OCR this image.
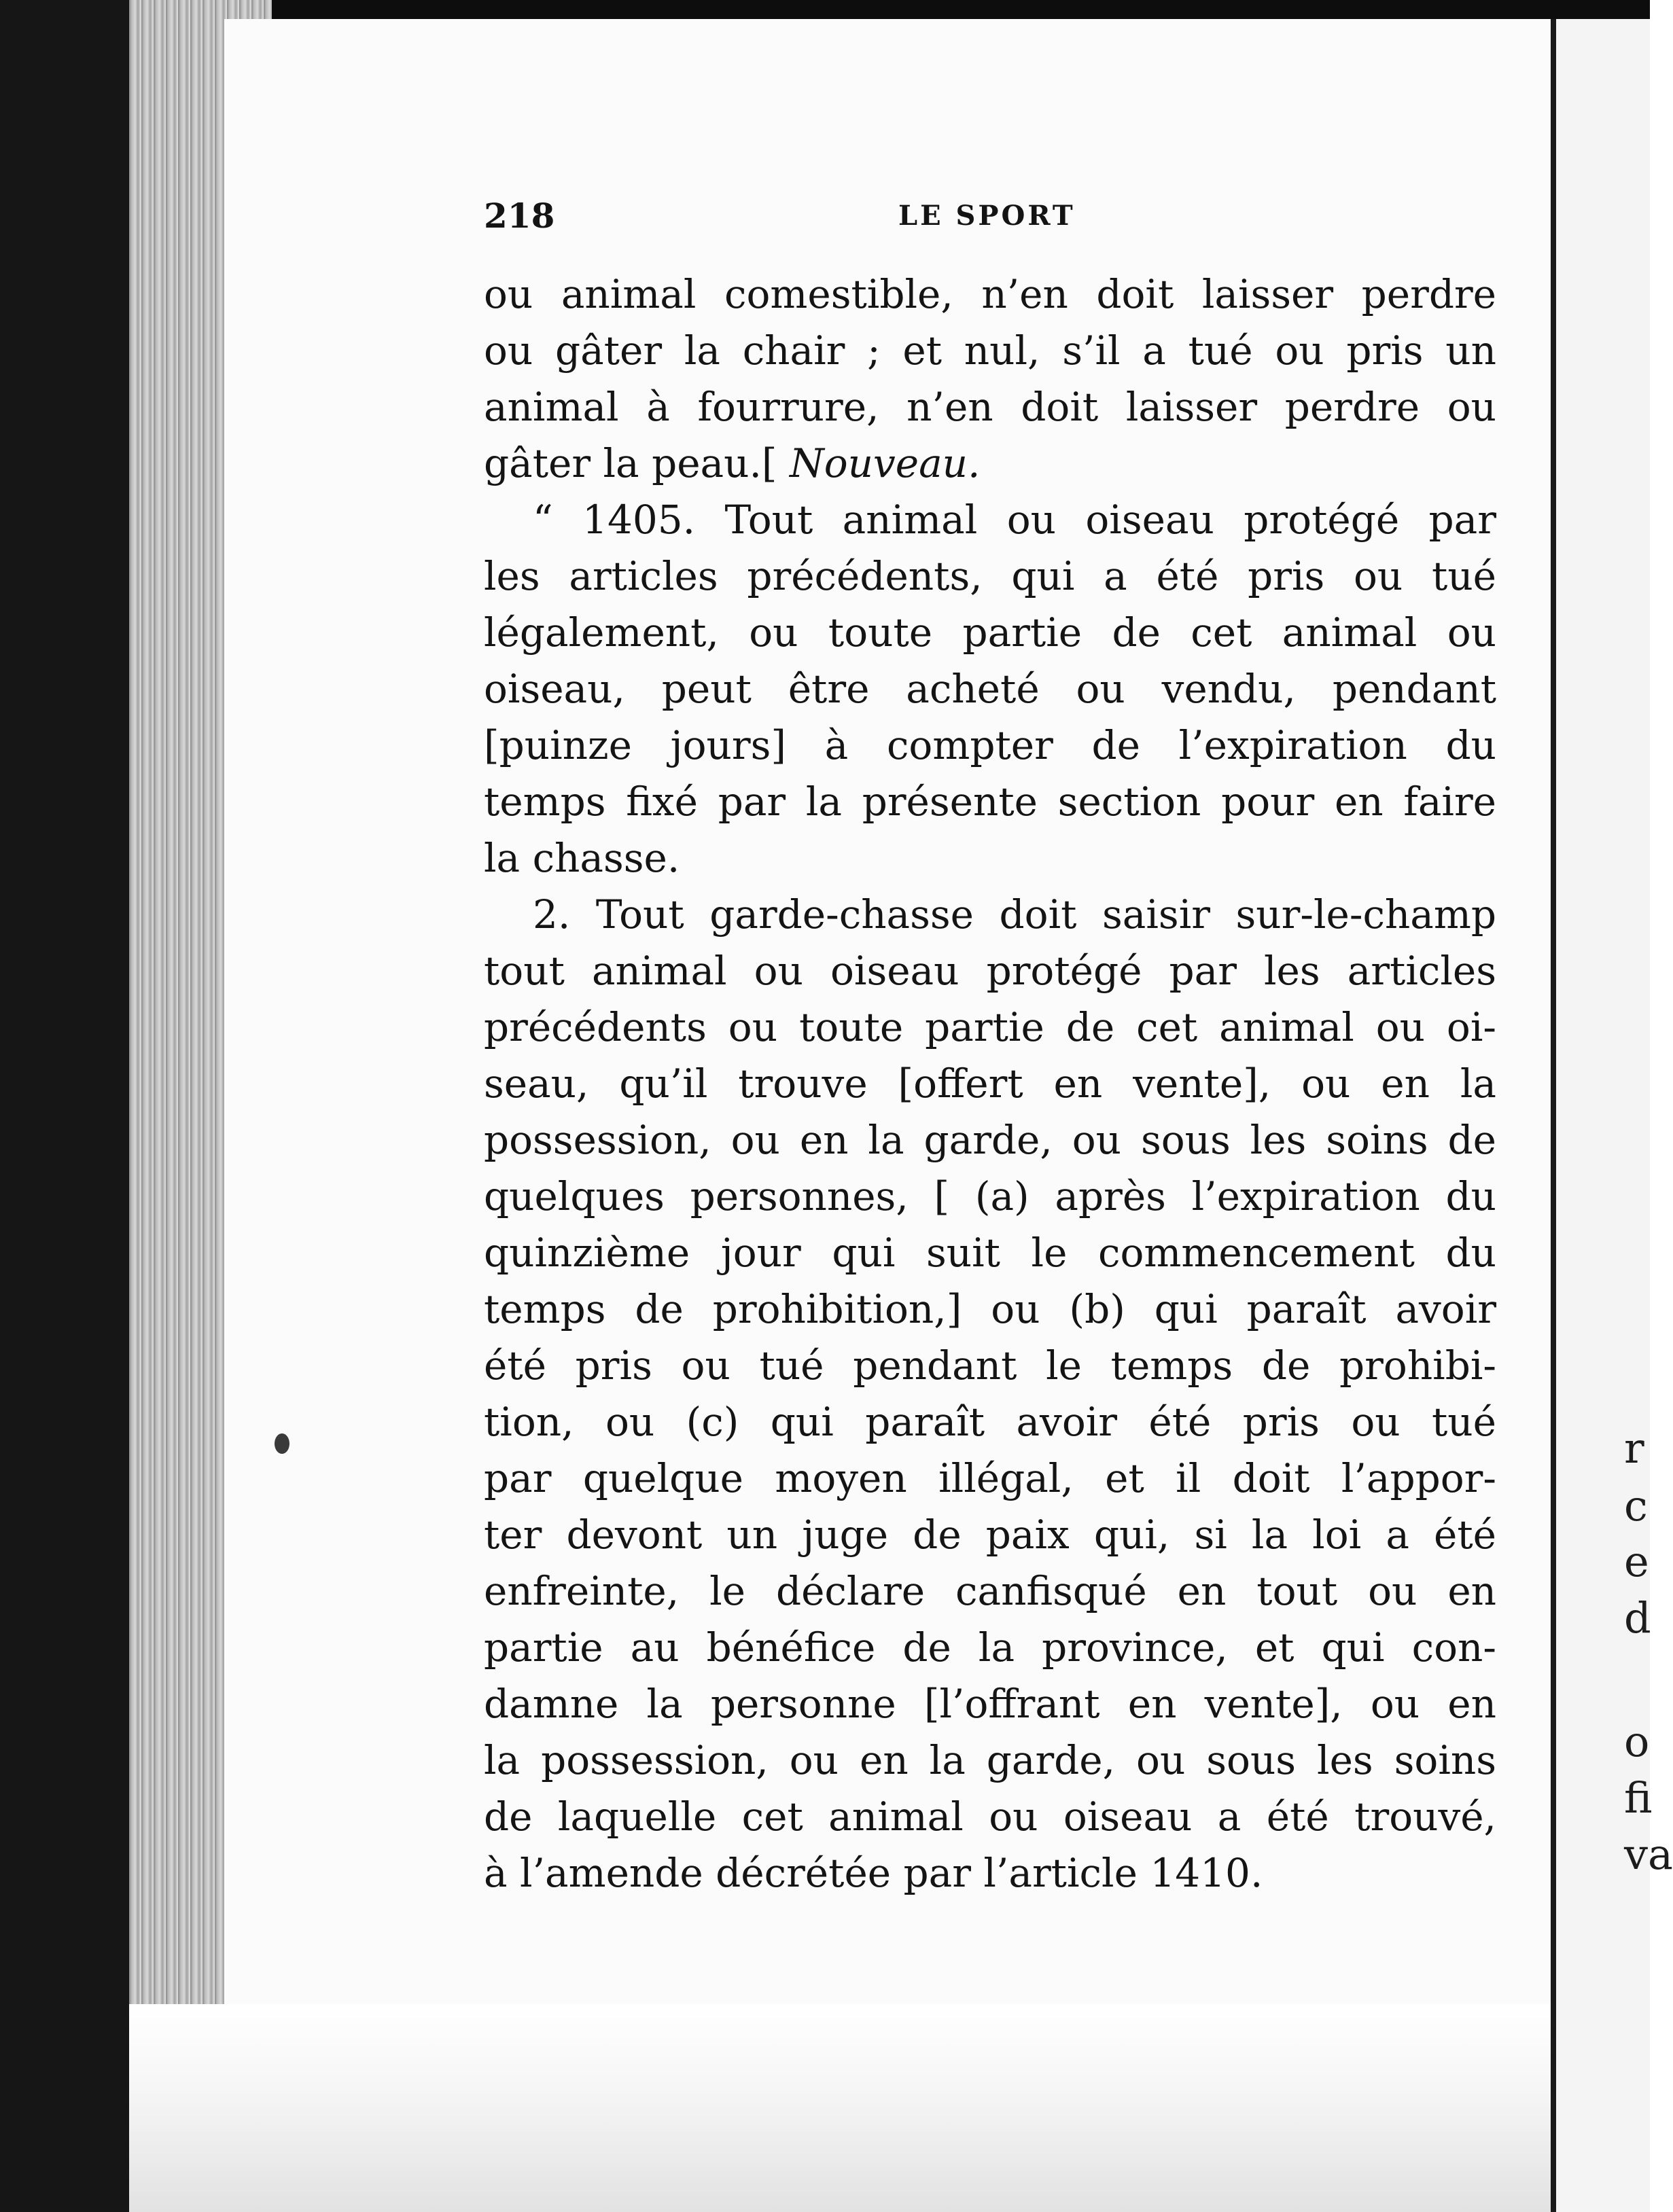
r
c
e
d
o
fi
va
218	LE SPORT
ou animal comestible, n’en doit laisser perdre
ou gâter la chair ; et nul, s’il a tué ou pris un
animal à fourrure, n’en doit laisser perdre ou
gâter la peau.[ Nouveau.
“ 1405. Tout animal ou oiseau protégé par
les articles précédents, qui a été pris ou tué
légalement, ou toute partie de cet animal ou
oiseau, peut être acheté ou vendu, pendant
[puinze jours] à compter de l’expiration du
temps fixé par la présente section pour en faire
la chasse.
2. Tout garde-chasse doit saisir sur-le-champ
tout animal ou oiseau protégé par les articles
précédents ou toute partie de cet animal ou oi-
seau, qu’il trouve [offert en vente], ou en la
possession, ou en la garde, ou sous les soins de
quelques personnes, [ (a) après l’expiration du
quinzième jour qui suit le commencement du
temps de prohibition,] ou (b) qui paraît avoir
été pris ou tué pendant le temps de prohibi-
tion, ou (c) qui paraît avoir été pris ou tué
par quelque moyen illégal, et il doit l’appor-
ter devont un juge de paix qui, si la loi a été
enfreinte, le déclare canfisqué en tout ou en
partie au bénéfice de la province, et qui con-
damne la personne [l’offrant en vente], ou en
la possession, ou en la garde, ou sous les soins
de laquelle cet animal ou oiseau a été trouvé,
à l’amende décrétée par l’article 1410.
